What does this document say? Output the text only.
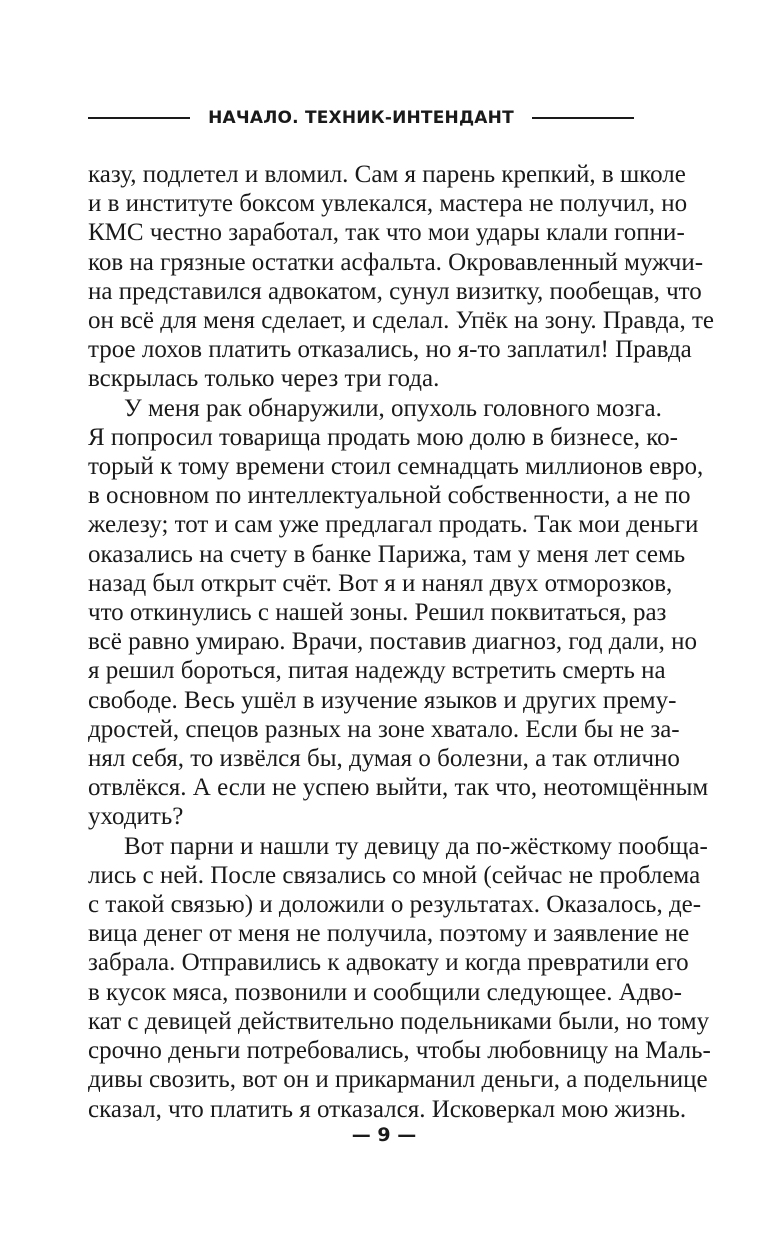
НАЧАЛО. ТЕХНИК-ИНТЕНДАНТ
казу, подлетел и вломил. Сам я парень крепкий, в школе
и в институте боксом увлекался, мастера не получил, но
КМС честно заработал, так что мои удары клали гопни-
ков на грязные остатки асфальта. Окровавленный мужчи-
на представился адвокатом, сунул визитку, пообещав, что
он всё для меня сделает, и сделал. Упёк на зону. Правда, те
трое лохов платить отказались, но я-то заплатил! Правда
вскрылась только через три года.
У меня рак обнаружили, опухоль головного мозга.
Я попросил товарища продать мою долю в бизнесе, ко-
торый к тому времени стоил семнадцать миллионов евро,
в основном по интеллектуальной собственности, а не по
железу; тот и сам уже предлагал продать. Так мои деньги
оказались на счету в банке Парижа, там у меня лет семь
назад был открыт счёт. Вот я и нанял двух отморозков,
что откинулись с нашей зоны. Решил поквитаться, раз
всё равно умираю. Врачи, поставив диагноз, год дали, но
я решил бороться, питая надежду встретить смерть на
свободе. Весь ушёл в изучение языков и других прему-
дростей, спецов разных на зоне хватало. Если бы не за-
нял себя, то извёлся бы, думая о болезни, а так отлично
отвлёкся. А если не успею выйти, так что, неотомщённым
уходить?
Вот парни и нашли ту девицу да по-жёсткому пообща-
лись с ней. После связались со мной (сейчас не проблема
с такой связью) и доложили о результатах. Оказалось, де-
вица денег от меня не получила, поэтому и заявление не
забрала. Отправились к адвокату и когда превратили его
в кусок мяса, позвонили и сообщили следующее. Адво-
кат с девицей действительно подельниками были, но тому
срочно деньги потребовались, чтобы любовницу на Маль-
дивы свозить, вот он и прикарманил деньги, а подельнице
сказал, что платить я отказался. Исковеркал мою жизнь.
— 9 —
